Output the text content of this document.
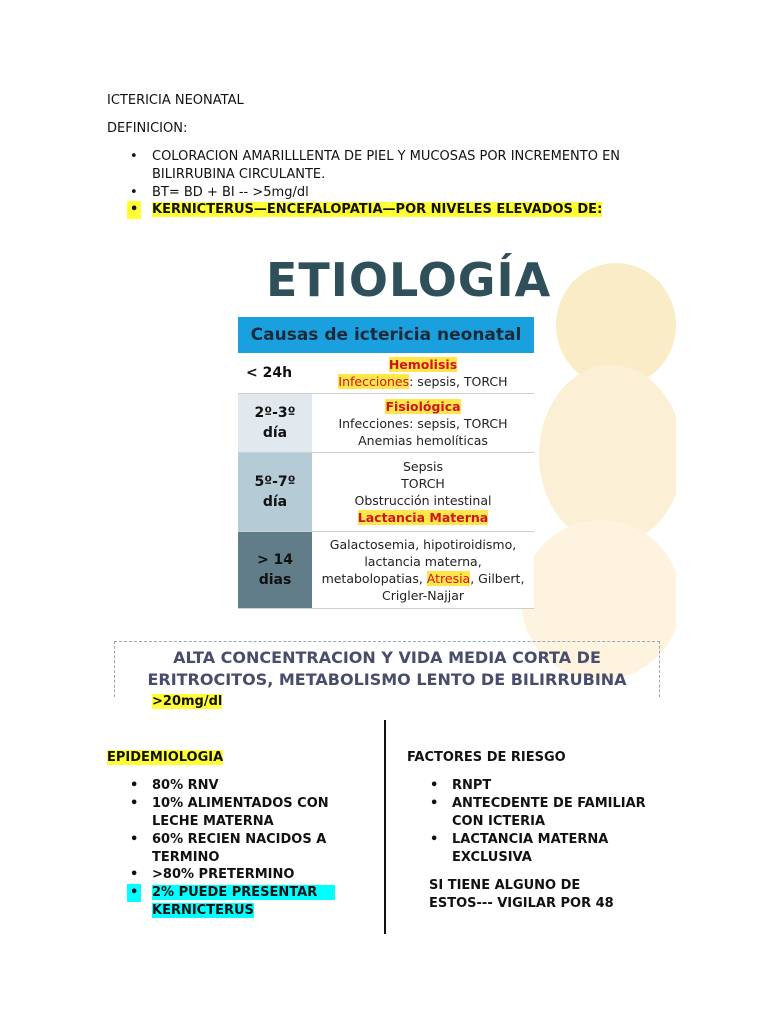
ICTERICIA NEONATAL
DEFINICION:
• COLORACION AMARILLLENTA DE PIEL Y MUCOSAS POR INCREMENTO EN
BILIRRUBINA CIRCULANTE.
• BT= BD + BI -- >5mg/dl
• KERNICTERUS—ENCEFALOPATIA—POR NIVELES ELEVADOS DE:
ETIOLOGÍA
Causas de ictericia neonatal
< 24h
Hemolisis
Infecciones: sepsis, TORCH
2º-3º
día
Fisiológica
Infecciones: sepsis, TORCH
Anemias hemolíticas
5º-7º
día
Sepsis
TORCH
Obstrucción intestinal
Lactancia Materna
> 14
dias
Galactosemia, hipotiroidismo,
lactancia materna,
metabolopatias, Atresia, Gilbert,
Crigler-Najjar
ALTA CONCENTRACION Y VIDA MEDIA CORTA DE
ERITROCITOS, METABOLISMO LENTO DE BILIRRUBINA
>20mg/dl
EPIDEMIOLOGIA
• 80% RNV
• 10% ALIMENTADOS CON
LECHE MATERNA
• 60% RECIEN NACIDOS A
TERMINO
• >80% PRETERMINO
• 2% PUEDE PRESENTAR
KERNICTERUS
FACTORES DE RIESGO
• RNPT
• ANTECDENTE DE FAMILIAR
CON ICTERIA
• LACTANCIA MATERNA
EXCLUSIVA
SI TIENE ALGUNO DE
ESTOS--- VIGILAR POR 48
